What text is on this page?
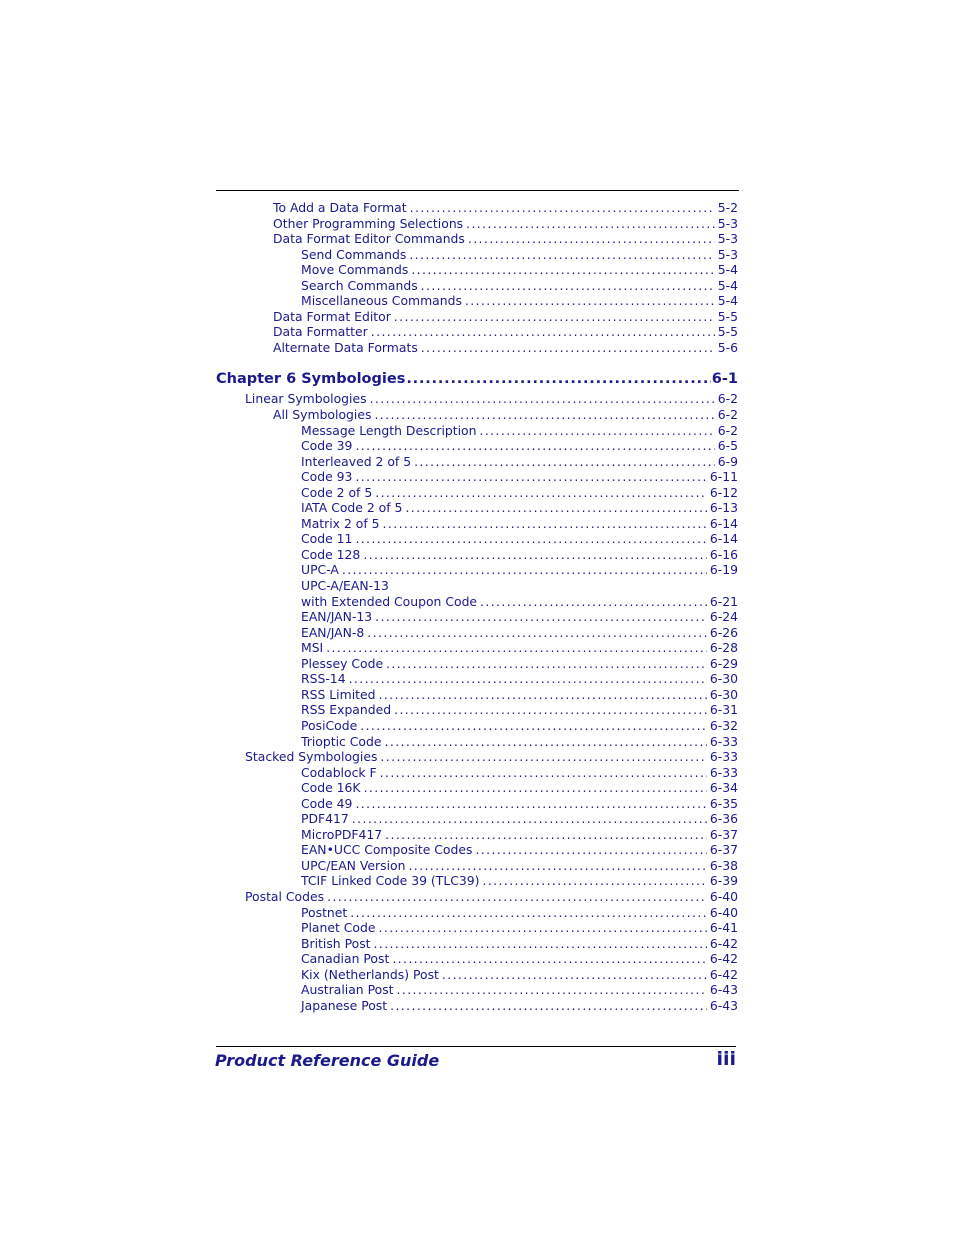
To Add a Data Format .....	5-2
Other Programming Selections .....	5-3
Data Format Editor Commands .....	5-3
Send Commands .....	5-3
Move Commands .....	5-4
Search Commands .....	5-4
Miscellaneous Commands .....	5-4
Data Format Editor .....	5-5
Data Formatter .....	5-5
Alternate Data Formats .....	5-6
Chapter 6 Symbologies .....	6-1
Linear Symbologies .....	6-2
All Symbologies .....	6-2
Message Length Description .....	6-2
Code 39 .....	6-5
Interleaved 2 of 5 .....	6-9
Code 93 .....	6-11
Code 2 of 5 .....	6-12
IATA Code 2 of 5 .....	6-13
Matrix 2 of 5 .....	6-14
Code 11 .....	6-14
Code 128 .....	6-16
UPC-A .....	6-19
UPC-A/EAN-13
with Extended Coupon Code .....	6-21
EAN/JAN-13 .....	6-24
EAN/JAN-8 .....	6-26
MSI .....	6-28
Plessey Code .....	6-29
RSS-14 .....	6-30
RSS Limited .....	6-30
RSS Expanded .....	6-31
PosiCode .....	6-32
Trioptic Code .....	6-33
Stacked Symbologies .....	6-33
Codablock F .....	6-33
Code 16K .....	6-34
Code 49 .....	6-35
PDF417 .....	6-36
MicroPDF417 .....	6-37
EAN•UCC Composite Codes .....	6-37
UPC/EAN Version .....	6-38
TCIF Linked Code 39 (TLC39) .....	6-39
Postal Codes .....	6-40
Postnet .....	6-40
Planet Code .....	6-41
British Post .....	6-42
Canadian Post .....	6-42
Kix (Netherlands) Post .....	6-42
Australian Post .....	6-43
Japanese Post .....	6-43
Product Reference Guide	iii
